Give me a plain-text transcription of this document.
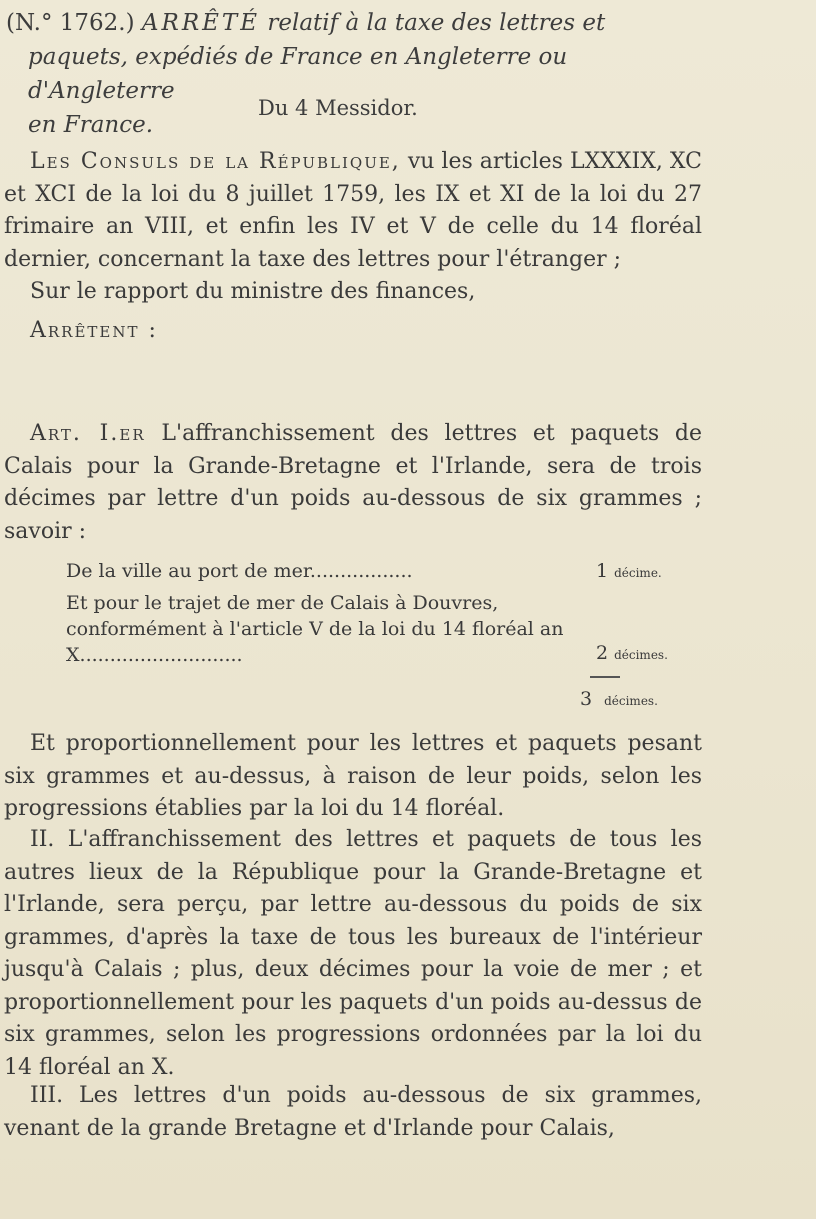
(N.° 1762.) ARRÊTÉ relatif à la taxe des lettres et
paquets, expédiés de France en Angleterre ou d'Angleterre
en France.
Du 4 Messidor.

Les Consuls de la République, vu les articles LXXXIX, XC et XCI de la loi du 8 juillet 1759, les IX et XI de la loi du 27 frimaire an VIII, et enfin les IV et V de celle du 14 floréal dernier, concernant la taxe des lettres pour l'étranger ;

Sur le rapport du ministre des finances,

Arrêtent :

Art. I.er L'affranchissement des lettres et paquets de Calais pour la Grande-Bretagne et l'Irlande, sera de trois décimes par lettre d'un poids au-dessous de six grammes ; savoir :

De la ville au port de mer.................	1 décime.
Et pour le trajet de mer de Calais à Douvres, conformément à l'article V de la loi du 14 floréal an X...........................	2 décimes.
3 décimes.

Et proportionnellement pour les lettres et paquets pesant six grammes et au-dessus, à raison de leur poids, selon les progressions établies par la loi du 14 floréal.

II. L'affranchissement des lettres et paquets de tous les autres lieux de la République pour la Grande-Bretagne et l'Irlande, sera perçu, par lettre au-dessous du poids de six grammes, d'après la taxe de tous les bureaux de l'intérieur jusqu'à Calais ; plus, deux décimes pour la voie de mer ; et proportionnellement pour les paquets d'un poids au-dessus de six grammes, selon les progressions ordonnées par la loi du 14 floréal an X.

III. Les lettres d'un poids au-dessous de six grammes, venant de la grande Bretagne et d'Irlande pour Calais,
